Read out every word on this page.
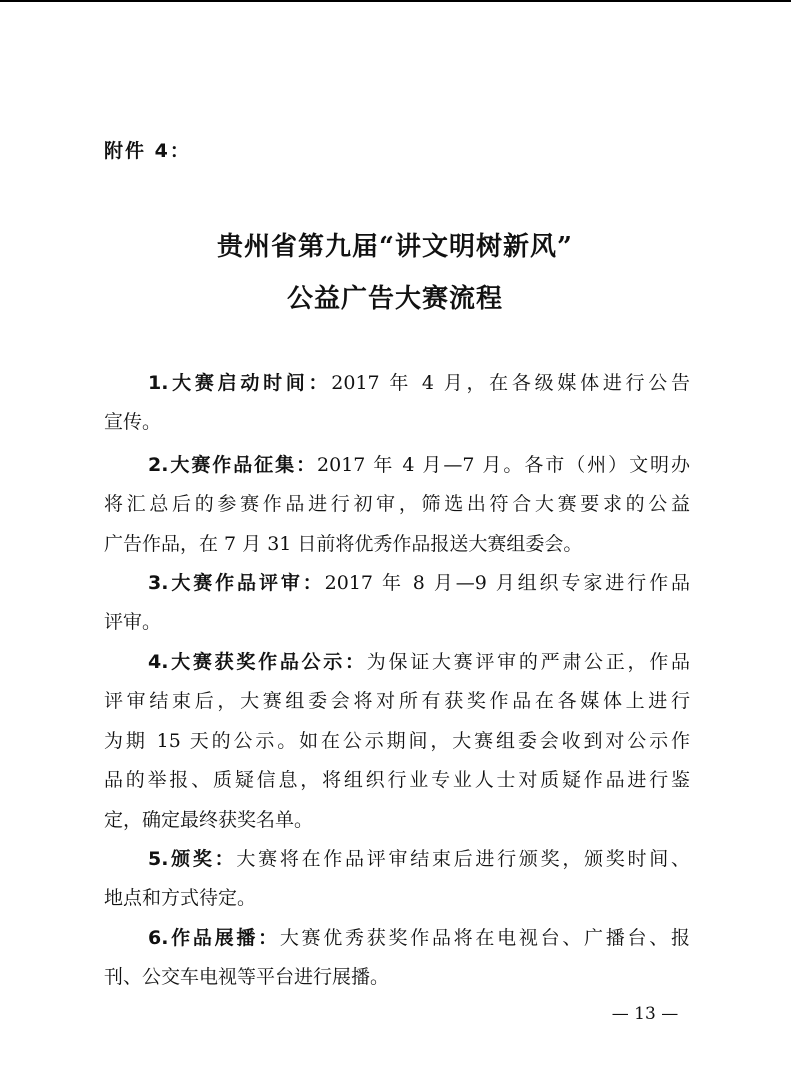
附件 4：
贵州省第九届“讲文明树新风”
公益广告大赛流程
1.大赛启动时间：2017 年 4 月，在各级媒体进行公告
宣传。
2.大赛作品征集：2017 年 4 月—7 月。各市（州）文明办
将汇总后的参赛作品进行初审，筛选出符合大赛要求的公益
广告作品，在 7 月 31 日前将优秀作品报送大赛组委会。
3.大赛作品评审：2017 年 8 月—9 月组织专家进行作品
评审。
4.大赛获奖作品公示：为保证大赛评审的严肃公正，作品
评审结束后，大赛组委会将对所有获奖作品在各媒体上进行
为期 15 天的公示。如在公示期间，大赛组委会收到对公示作
品的举报、质疑信息，将组织行业专业人士对质疑作品进行鉴
定，确定最终获奖名单。
5.颁奖：大赛将在作品评审结束后进行颁奖，颁奖时间、
地点和方式待定。
6.作品展播：大赛优秀获奖作品将在电视台、广播台、报
刊、公交车电视等平台进行展播。
— 13 —
